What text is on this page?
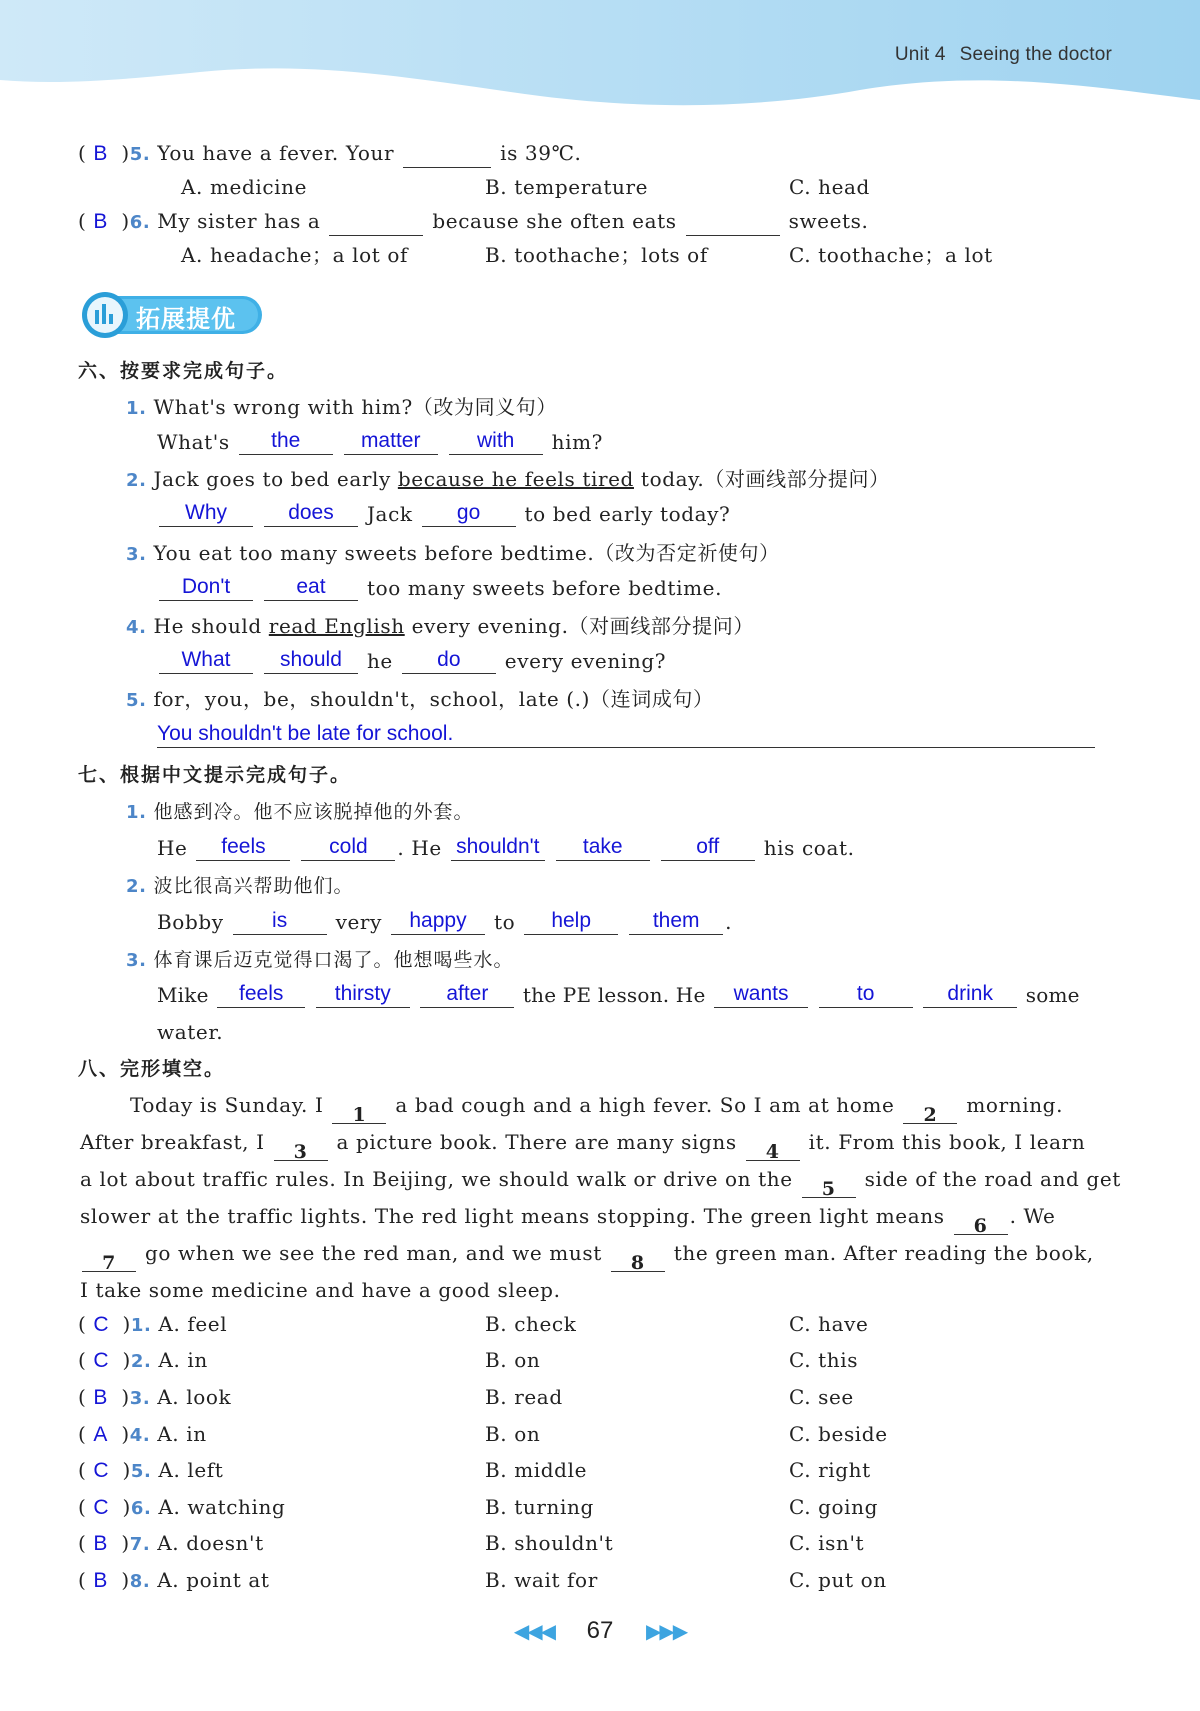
Unit 4 Seeing the doctor
( B )5. You have a fever. Your	is 39℃.
A. medicine	B. temperature	C. head
( B )6. My sister has a	because she often eats	sweets.
A. headache；a lot of	B. toothache；lots of	C. toothache；a lot
拓展提优
六、按要求完成句子。
1. What's wrong with him?（改为同义句）
What's the	matter	with him?
2. Jack goes to bed early because he feels tired today.（对画线部分提问）
Why	does Jack go to bed early today?
3. You eat too many sweets before bedtime.（改为否定祈使句）
Don't	eat too many sweets before bedtime.
4. He should read English every evening.（对画线部分提问）
What should he do every evening?
5. for，you，be，shouldn't，school，late (.)（连词成句）
You shouldn't be late for school.
七、根据中文提示完成句子。
1. 他感到冷。他不应该脱掉他的外套。
He feels	cold . He shouldn't take	off his coat.
2. 波比很高兴帮助他们。
Bobby is very happy to help	them .
3. 体育课后迈克觉得口渴了。他想喝些水。
Mike feels thirsty	after the PE lesson. He wants	to	drink some
water.
八、完形填空。
Today is Sunday. I 1 a bad cough and a high fever. So I am at home 2 morning.
After breakfast, I 3 a picture book. There are many signs 4 it. From this book, I learn
a lot about traffic rules. In Beijing, we should walk or drive on the 5 side of the road and get
slower at the traffic lights. The red light means stopping. The green light means 6 . We
7 go when we see the red man, and we must 8 the green man. After reading the book,
I take some medicine and have a good sleep.
( C )1. A. feel	B. check	C. have
( C )2. A. in	B. on	C. this
( B )3. A. look	B. read	C. see
( A )4. A. in	B. on	C. beside
( C )5. A. left	B. middle	C. right
( C )6. A. watching	B. turning	C. going
( B )7. A. doesn't	B. shouldn't	C. isn't
( B )8. A. point at	B. wait for	C. put on
◀◀◀ 67 ▶▶▶
